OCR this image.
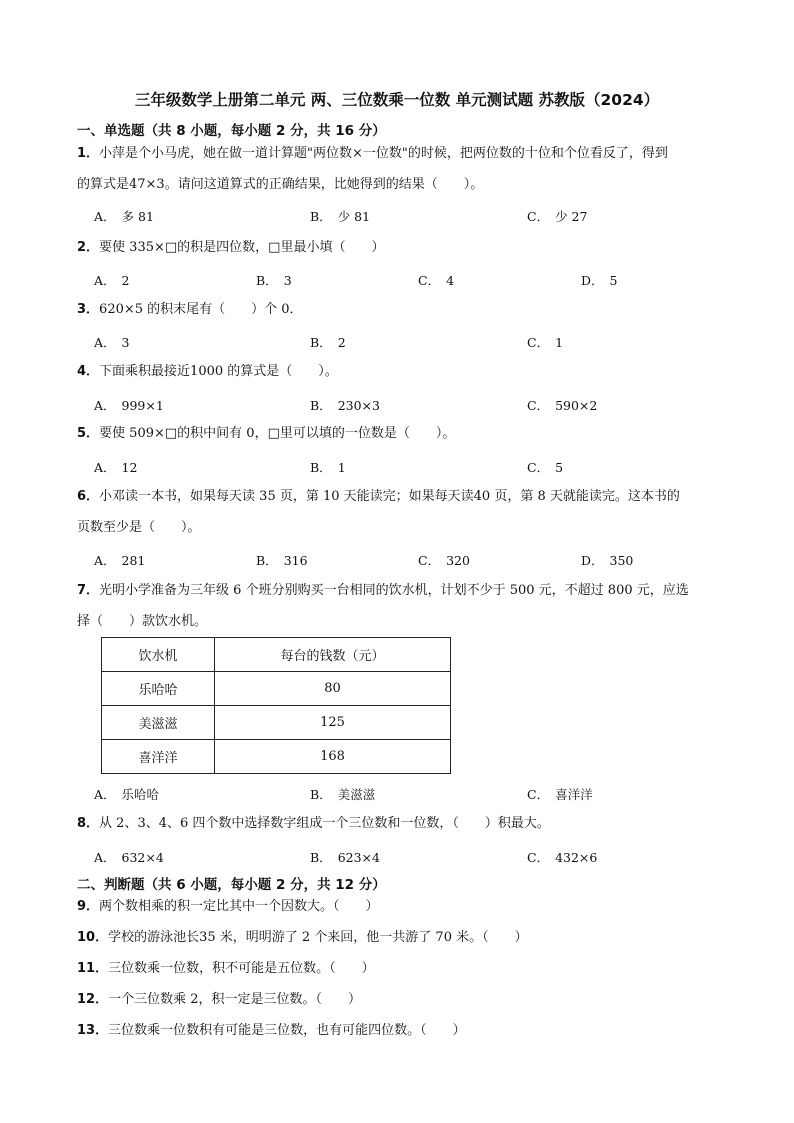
三年级数学上册第二单元 两、三位数乘一位数 单元测试题 苏教版（2024）
一、单选题（共 8 小题，每小题 2 分，共 16 分）
1．小萍是个小马虎，她在做一道计算题"两位数×一位数"的时候，把两位数的十位和个位看反了，得到
的算式是47×3。请问这道算式的正确结果，比她得到的结果（　　）。
A． 多 81	B． 少 81	C． 少 27
2．要使 335×□的积是四位数，□里最小填（　　）
A． 2	B． 3	C． 4	D． 5
3．620×5 的积末尾有（　　）个 0．
A． 3	B． 2	C． 1
4．下面乘积最接近1000 的算式是（　　）。
A． 999×1	B． 230×3	C． 590×2
5．要使 509×□的积中间有 0，□里可以填的一位数是（　　）。
A． 12	B． 1	C． 5
6．小邓读一本书，如果每天读 35 页，第 10 天能读完；如果每天读40 页，第 8 天就能读完。这本书的
页数至少是（　　）。
A． 281	B． 316	C． 320	D． 350
7．光明小学准备为三年级 6 个班分别购买一台相同的饮水机，计划不少于 500 元，不超过 800 元，应选
择（　　）款饮水机。
饮水机	每台的钱数（元）
乐哈哈	80
美滋滋	125
喜洋洋	168
A． 乐哈哈	B． 美滋滋	C． 喜洋洋
8．从 2、3、4、6 四个数中选择数字组成一个三位数和一位数，（　　）积最大。
A． 632×4	B． 623×4	C． 432×6
二、判断题（共 6 小题，每小题 2 分，共 12 分）
9．两个数相乘的积一定比其中一个因数大。（　　）
10．学校的游泳池长35 米，明明游了 2 个来回，他一共游了 70 米。（　　）
11．三位数乘一位数，积不可能是五位数。（　　）
12．一个三位数乘 2，积一定是三位数。（　　）
13．三位数乘一位数积有可能是三位数，也有可能四位数。（　　）
